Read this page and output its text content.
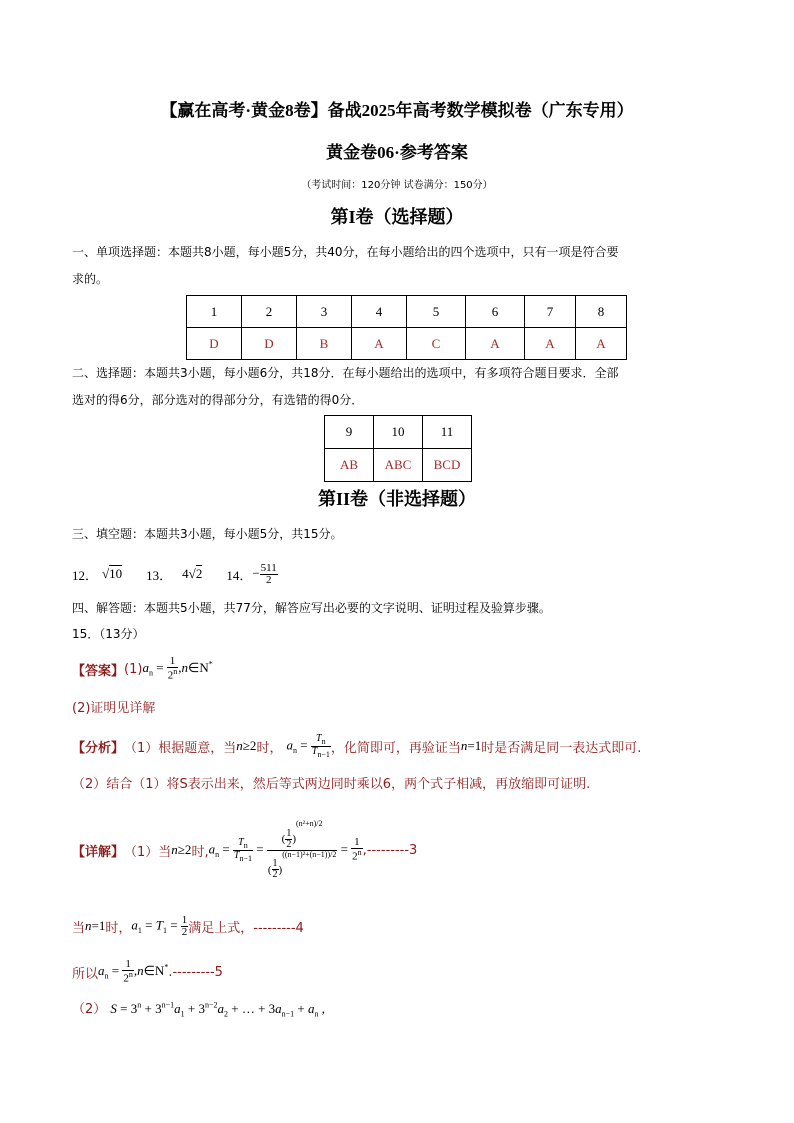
【赢在高考·黄金8卷】备战2025年高考数学模拟卷（广东专用）
黄金卷06·参考答案
（考试时间：120分钟 试卷满分：150分）
第I卷（选择题）
一、单项选择题：本题共8小题，每小题5分，共40分，在每小题给出的四个选项中，只有一项是符合要
求的。
1	2	3	4	5	6	7	8
D	D	B	A	C	A	A	A
二、选择题：本题共3小题，每小题6分，共18分．在每小题给出的选项中，有多项符合题目要求．全部
选对的得6分，部分选对的得部分分，有选错的得0分．
9	10	11
AB	ABC	BCD
第II卷（非选择题）
三、填空题：本题共3小题，每小题5分，共15分。
12． √10 13． 4√2 14． − $\frac{511}{2}$
四、解答题：本题共5小题，共77分，解答应写出必要的文字说明、证明过程及验算步骤。
15．（13分）
【答案】 (1) $a_n = \frac{1}{2^n}$ ,n∈N*
(2)证明见详解
【分析】 （1）根据题意，当 n≥2 时， $a_n = \frac{T_n}{T_{n-1}}$ ，化简即可，再验证当 n=1 时是否满足同一表达式即可.
（2）结合（1）将S表示出来，然后等式两边同时乘以6，两个式子相减，再放缩即可证明.
【详解】 （1）当 n≥2 时, $a_n = \frac{T_n}{T_{n-1}} = \frac{( \frac{1}{2} )^{(n^2+n)/2}}{( \frac{1}{2} )^{((n-1)^2+(n-1))/2}} = \frac{1}{2^n} ,---------3$
当 n=1 时， $a_1 = T_1 = \frac{1}{2}$ 满足上式，---------4
所以 $a_n = \frac{1}{2^n}$ ,n∈N* .---------5
（2） $S = 3^n + 3^{n-1}a_1 + 3^{n-2}a_2$ + … + $3a_{n-1} + a_n$ ,
